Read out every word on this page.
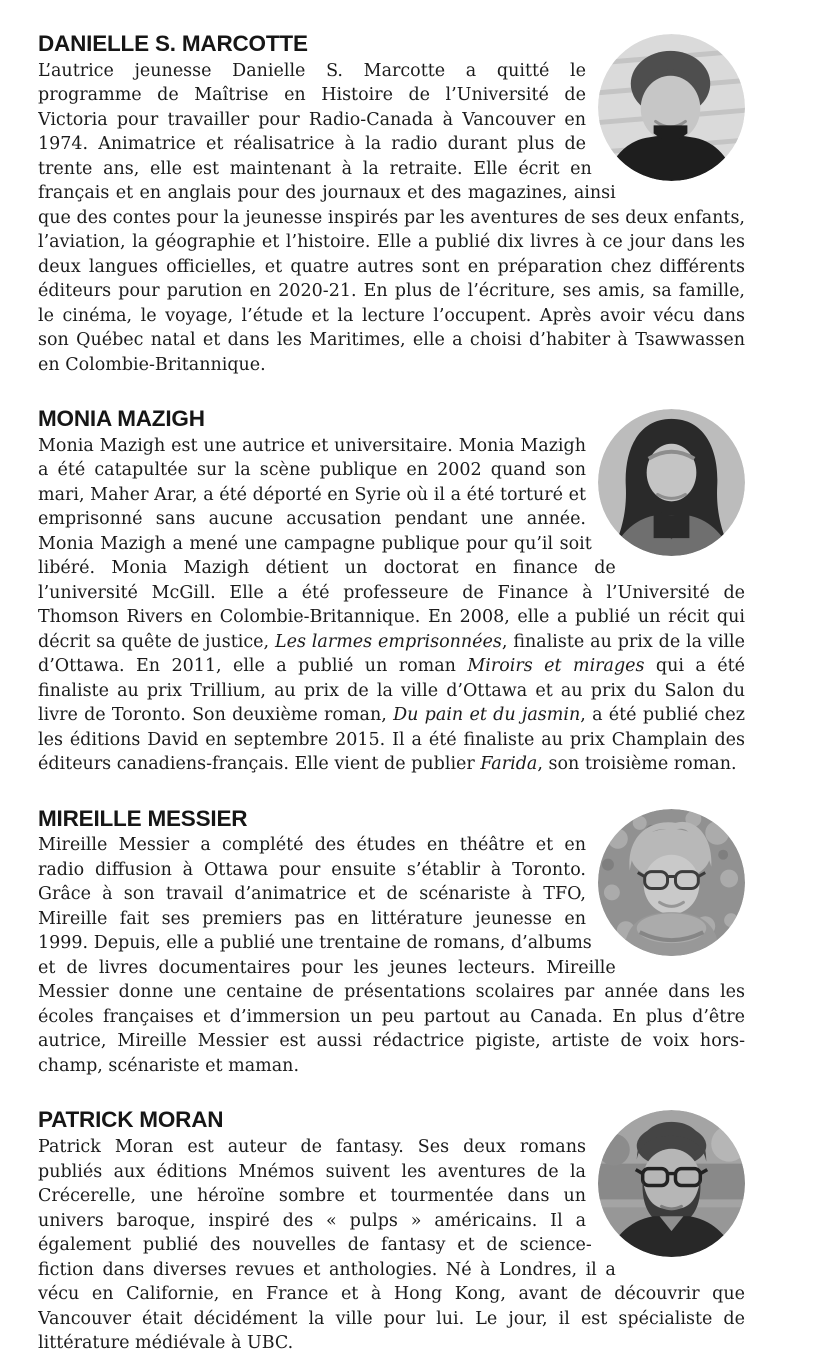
DANIELLE S. MARCOTTE

L’autrice jeunesse Danielle S. Marcotte a quitté le programme de Maîtrise en Histoire de l’Université de Victoria pour travailler pour Radio-Canada à Vancouver en 1974. Animatrice et réalisatrice à la radio durant plus de trente ans, elle est maintenant à la retraite. Elle écrit en français et en anglais pour des journaux et des magazines, ainsi que des contes pour la jeunesse inspirés par les aventures de ses deux enfants, l’aviation, la géographie et l’histoire. Elle a publié dix livres à ce jour dans les deux langues officielles, et quatre autres sont en préparation chez différents éditeurs pour parution en 2020-21. En plus de l’écriture, ses amis, sa famille, le cinéma, le voyage, l’étude et la lecture l’occupent. Après avoir vécu dans son Québec natal et dans les Maritimes, elle a choisi d’habiter à Tsawwassen en Colombie-Britannique.

MONIA MAZIGH

Monia Mazigh est une autrice et universitaire. Monia Mazigh a été catapultée sur la scène publique en 2002 quand son mari, Maher Arar, a été déporté en Syrie où il a été torturé et emprisonné sans aucune accusation pendant une année. Monia Mazigh a mené une campagne publique pour qu’il soit libéré. Monia Mazigh détient un doctorat en finance de l’université McGill. Elle a été professeure de Finance à l’Université de Thomson Rivers en Colombie-Britannique. En 2008, elle a publié un récit qui décrit sa quête de justice, Les larmes emprisonnées, finaliste au prix de la ville d’Ottawa. En 2011, elle a publié un roman Miroirs et mirages qui a été finaliste au prix Trillium, au prix de la ville d’Ottawa et au prix du Salon du livre de Toronto. Son deuxième roman, Du pain et du jasmin, a été publié chez les éditions David en septembre 2015. Il a été finaliste au prix Champlain des éditeurs canadiens-français. Elle vient de publier Farida, son troisième roman.

MIREILLE MESSIER

Mireille Messier a complété des études en théâtre et en radio diffusion à Ottawa pour ensuite s’établir à Toronto. Grâce à son travail d’animatrice et de scénariste à TFO, Mireille fait ses premiers pas en littérature jeunesse en 1999. Depuis, elle a publié une trentaine de romans, d’albums et de livres documentaires pour les jeunes lecteurs. Mireille Messier donne une centaine de présentations scolaires par année dans les écoles françaises et d’immersion un peu partout au Canada. En plus d’être autrice, Mireille Messier est aussi rédactrice pigiste, artiste de voix hors-champ, scénariste et maman.

PATRICK MORAN

Patrick Moran est auteur de fantasy. Ses deux romans publiés aux éditions Mnémos suivent les aventures de la Crécerelle, une héroïne sombre et tourmentée dans un univers baroque, inspiré des « pulps » américains. Il a également publié des nouvelles de fantasy et de science-fiction dans diverses revues et anthologies. Né à Londres, il a vécu en Californie, en France et à Hong Kong, avant de découvrir que Vancouver était décidément la ville pour lui. Le jour, il est spécialiste de littérature médiévale à UBC.
